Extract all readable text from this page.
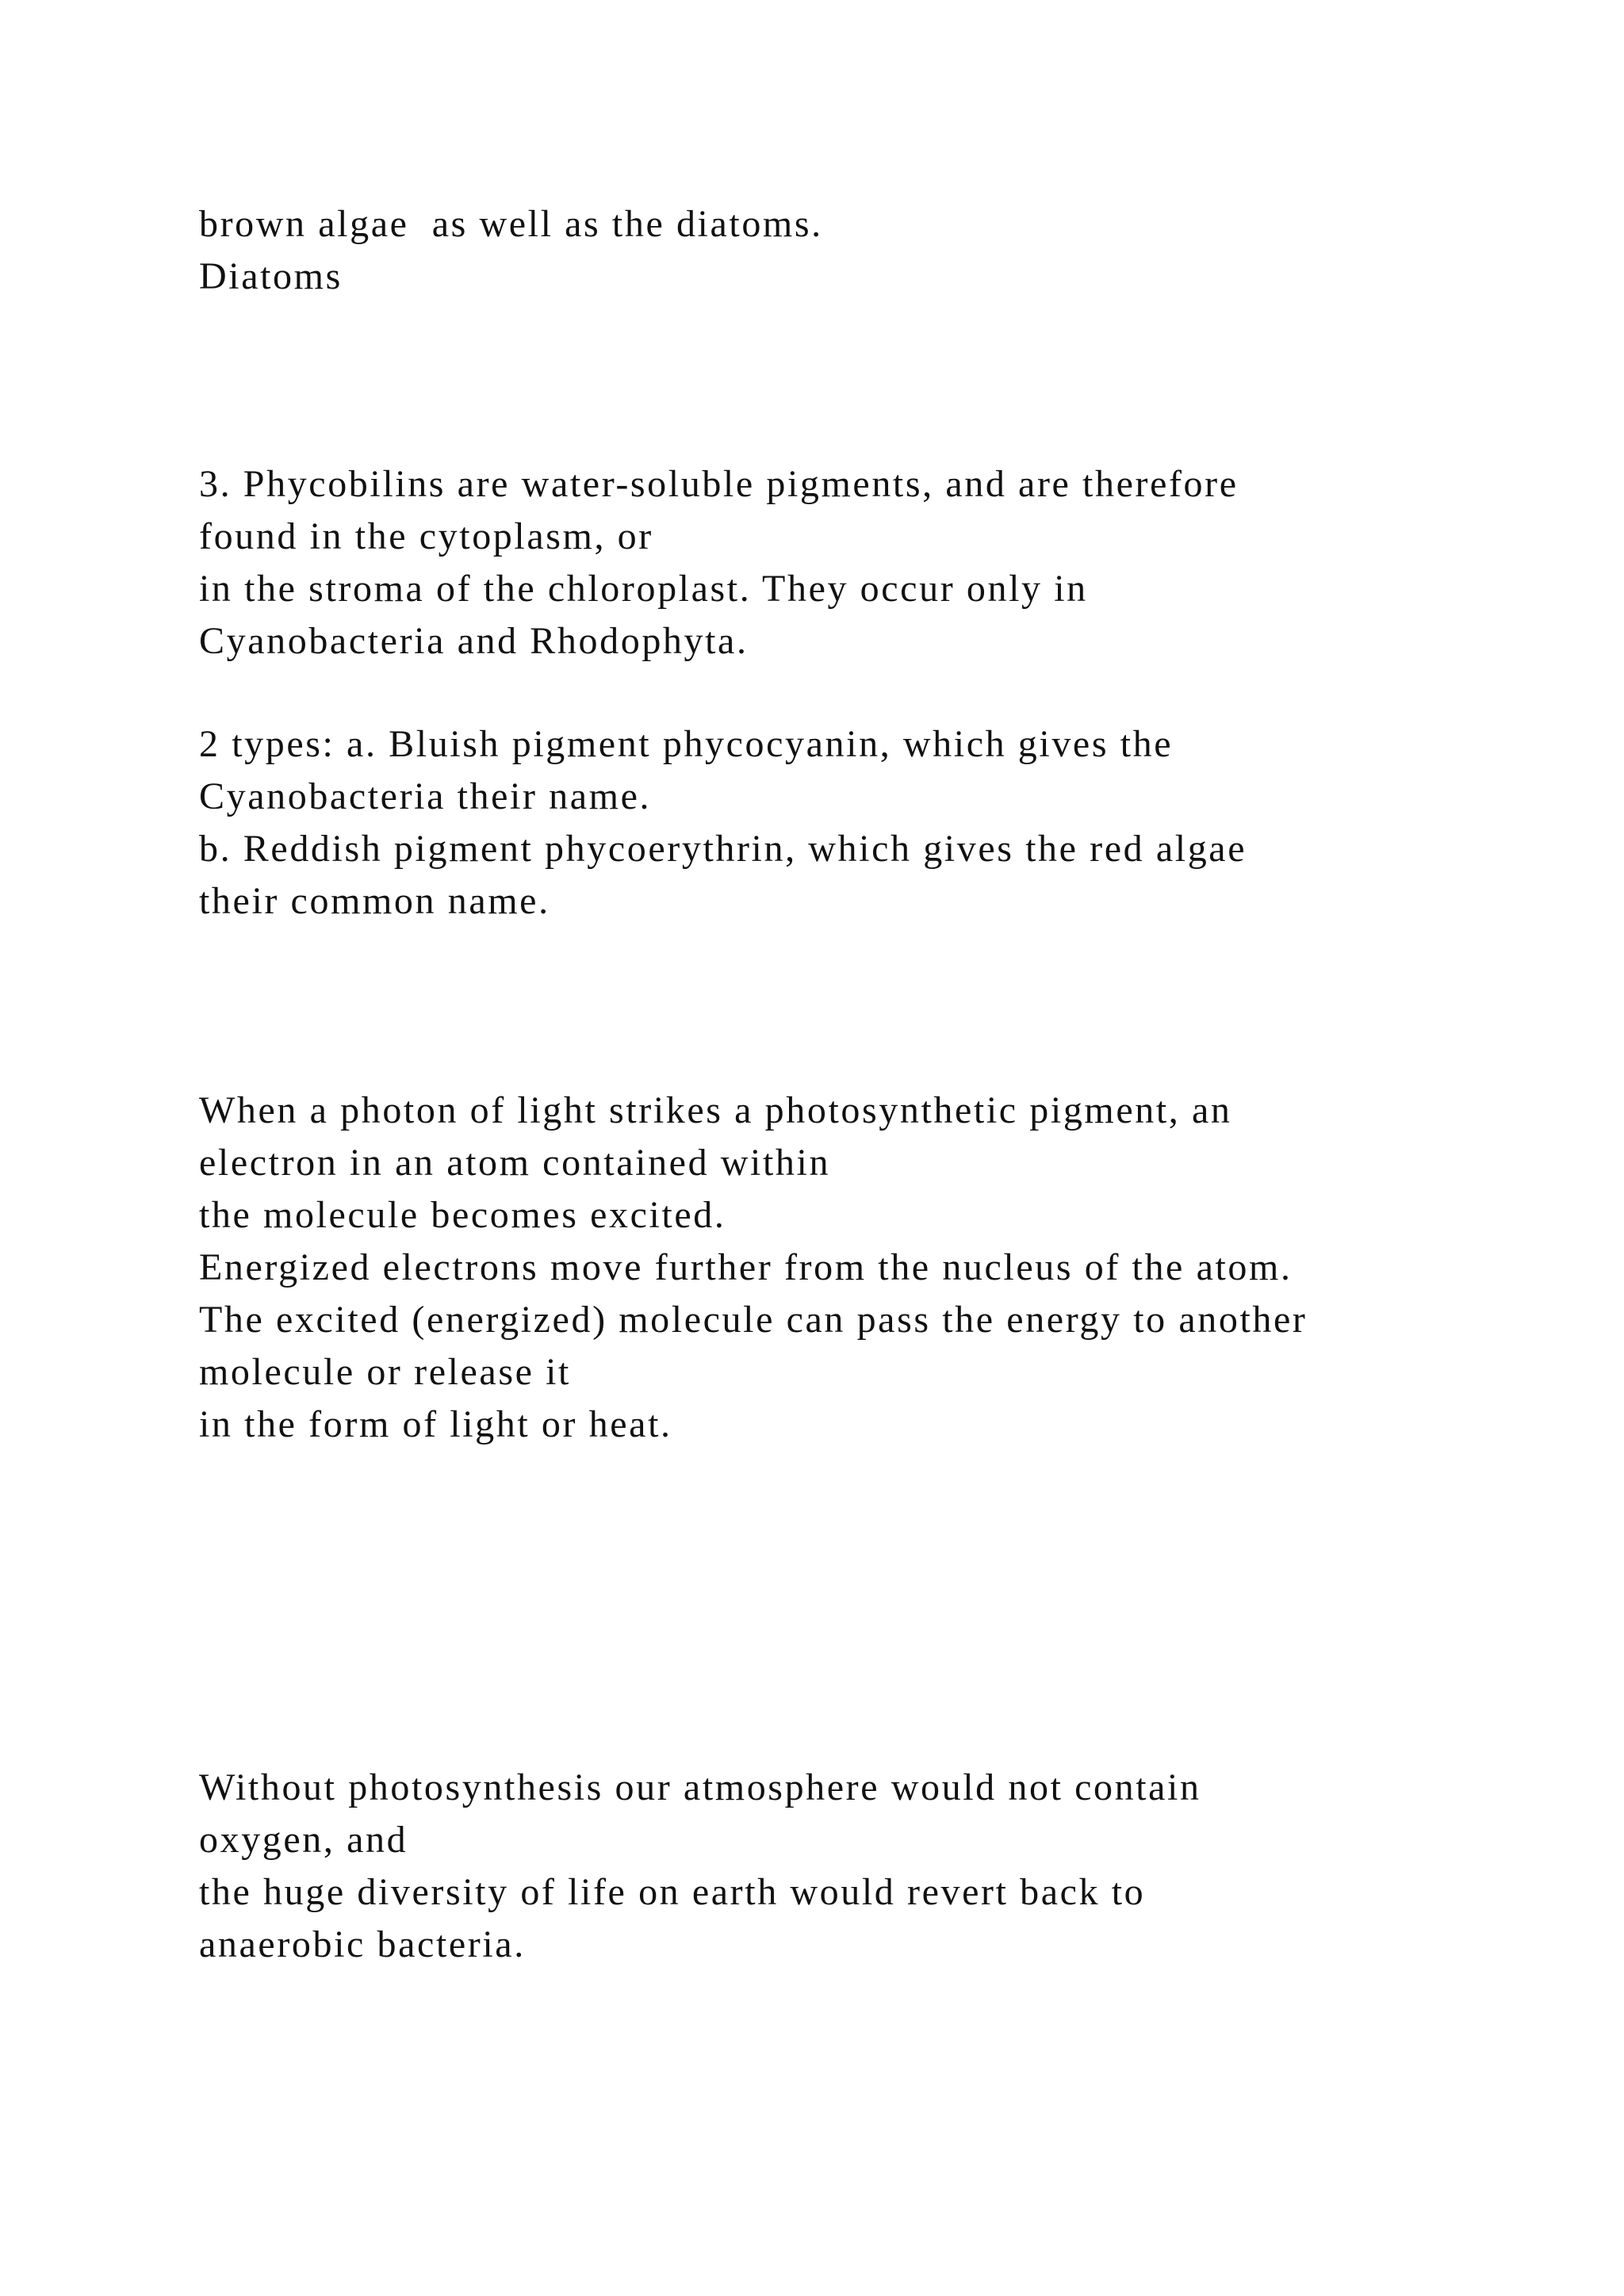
brown algae  as well as the diatoms.

Diatoms

3. Phycobilins are water-soluble pigments, and are therefore

found in the cytoplasm, or

in the stroma of the chloroplast. They occur only in

Cyanobacteria and Rhodophyta.

2 types: a. Bluish pigment phycocyanin, which gives the

Cyanobacteria their name.

b. Reddish pigment phycoerythrin, which gives the red algae

their common name.

When a photon of light strikes a photosynthetic pigment, an

electron in an atom contained within

the molecule becomes excited.

Energized electrons move further from the nucleus of the atom.

The excited (energized) molecule can pass the energy to another

molecule or release it

in the form of light or heat.

Without photosynthesis our atmosphere would not contain

oxygen, and

the huge diversity of life on earth would revert back to

anaerobic bacteria.
